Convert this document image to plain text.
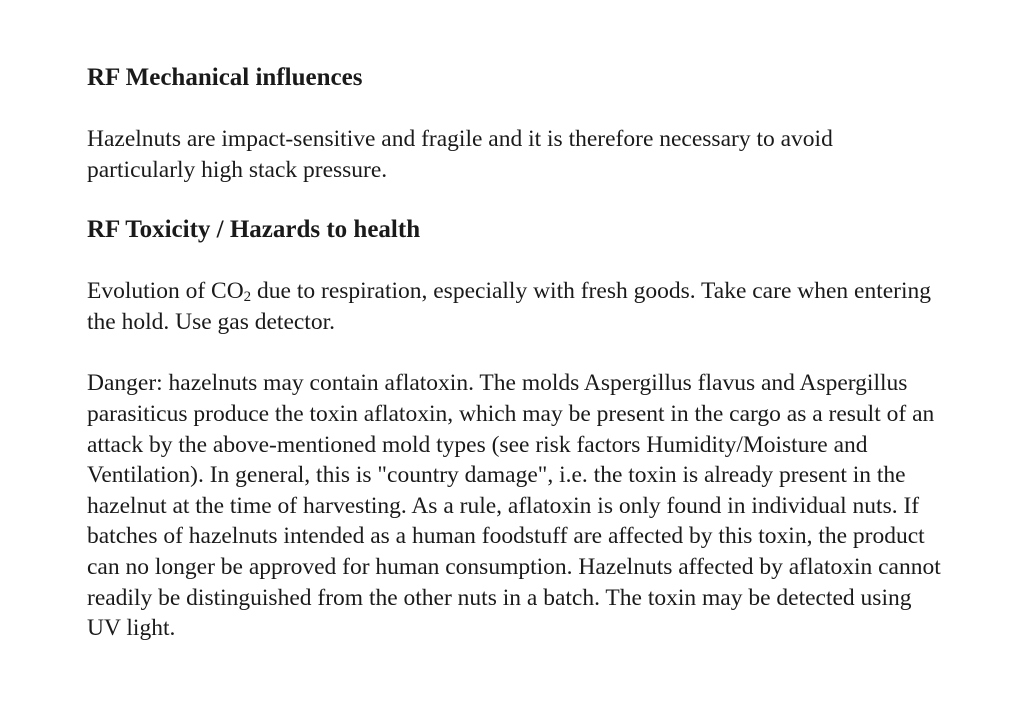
RF Mechanical influences

Hazelnuts are impact-sensitive and fragile and it is therefore necessary to avoid particularly high stack pressure.

RF Toxicity / Hazards to health

Evolution of $CO_2$ due to respiration, especially with fresh goods. Take care when entering the hold. Use gas detector.

Danger: hazelnuts may contain aflatoxin. The molds Aspergillus flavus and Aspergillus parasiticus produce the toxin aflatoxin, which may be present in the cargo as a result of an attack by the above-mentioned mold types (see risk factors Humidity/Moisture and Ventilation). In general, this is "country damage", i.e. the toxin is already present in the hazelnut at the time of harvesting. As a rule, aflatoxin is only found in individual nuts. If batches of hazelnuts intended as a human foodstuff are affected by this toxin, the product can no longer be approved for human consumption. Hazelnuts affected by aflatoxin cannot readily be distinguished from the other nuts in a batch. The toxin may be detected using UV light.
